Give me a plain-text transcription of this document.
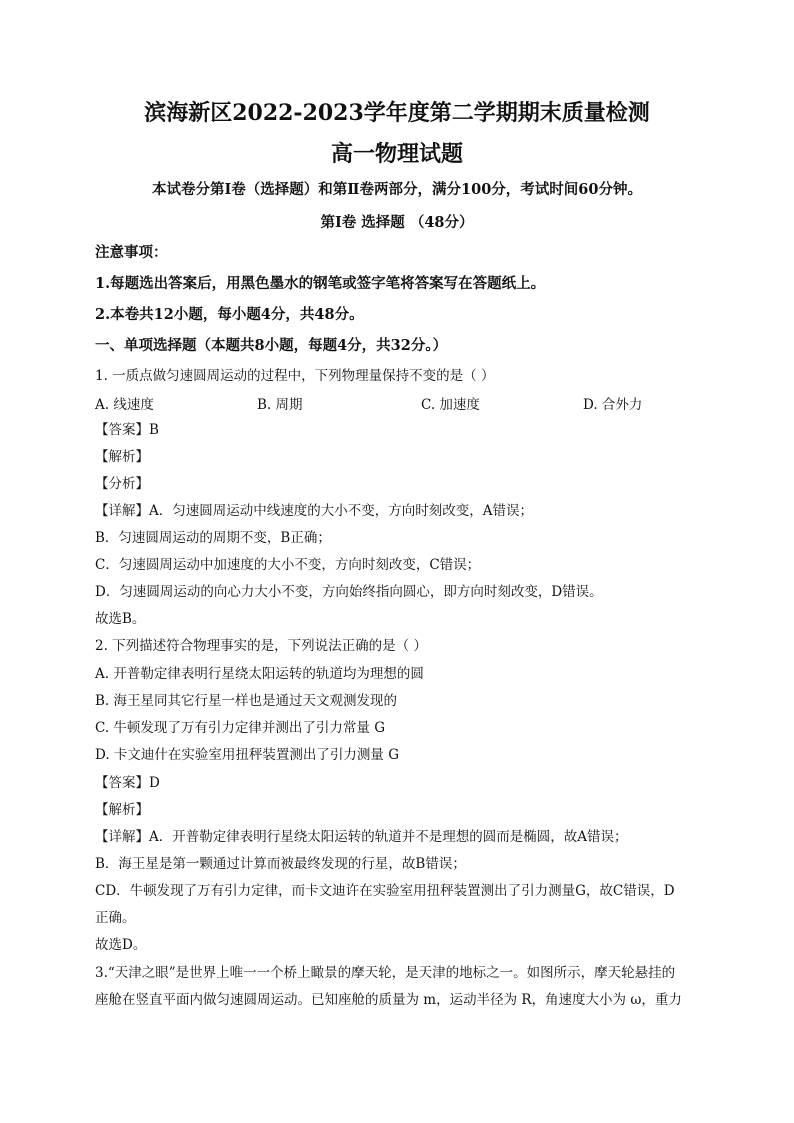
滨海新区2022-2023学年度第二学期期末质量检测
高一物理试题
本试卷分第Ⅰ卷（选择题）和第Ⅱ卷两部分，满分100分，考试时间60分钟。
第Ⅰ卷 选择题 （48分）
注意事项：
1.每题选出答案后，用黑色墨水的钢笔或签字笔将答案写在答题纸上。
2.本卷共12小题，每小题4分，共48分。
一、单项选择题（本题共8小题，每题4分，共32分。）
1. 一质点做匀速圆周运动的过程中，下列物理量保持不变的是（ ）
A. 线速度	B. 周期	C. 加速度	D. 合外力
【答案】B
【解析】
【分析】
【详解】A．匀速圆周运动中线速度的大小不变，方向时刻改变，A错误；
B．匀速圆周运动的周期不变，B正确；
C．匀速圆周运动中加速度的大小不变，方向时刻改变，C错误；
D．匀速圆周运动的向心力大小不变，方向始终指向圆心，即方向时刻改变，D错误。
故选B。
2. 下列描述符合物理事实的是，下列说法正确的是（ ）
A. 开普勒定律表明行星绕太阳运转的轨道均为理想的圆
B. 海王星同其它行星一样也是通过天文观测发现的
C. 牛顿发现了万有引力定律并测出了引力常量 G
D. 卡文迪什在实验室用扭秤装置测出了引力测量 G
【答案】D
【解析】
【详解】A．开普勒定律表明行星绕太阳运转的轨道并不是理想的圆而是椭圆，故A错误；
B．海王星是第一颗通过计算而被最终发现的行星，故B错误；
CD．牛顿发现了万有引力定律，而卡文迪许在实验室用扭秤装置测出了引力测量G，故C错误，D
正确。
故选D。
3.“天津之眼”是世界上唯一一个桥上瞰景的摩天轮，是天津的地标之一。如图所示，摩天轮悬挂的
座舱在竖直平面内做匀速圆周运动。已知座舱的质量为 m，运动半径为 R，角速度大小为 ω，重力
